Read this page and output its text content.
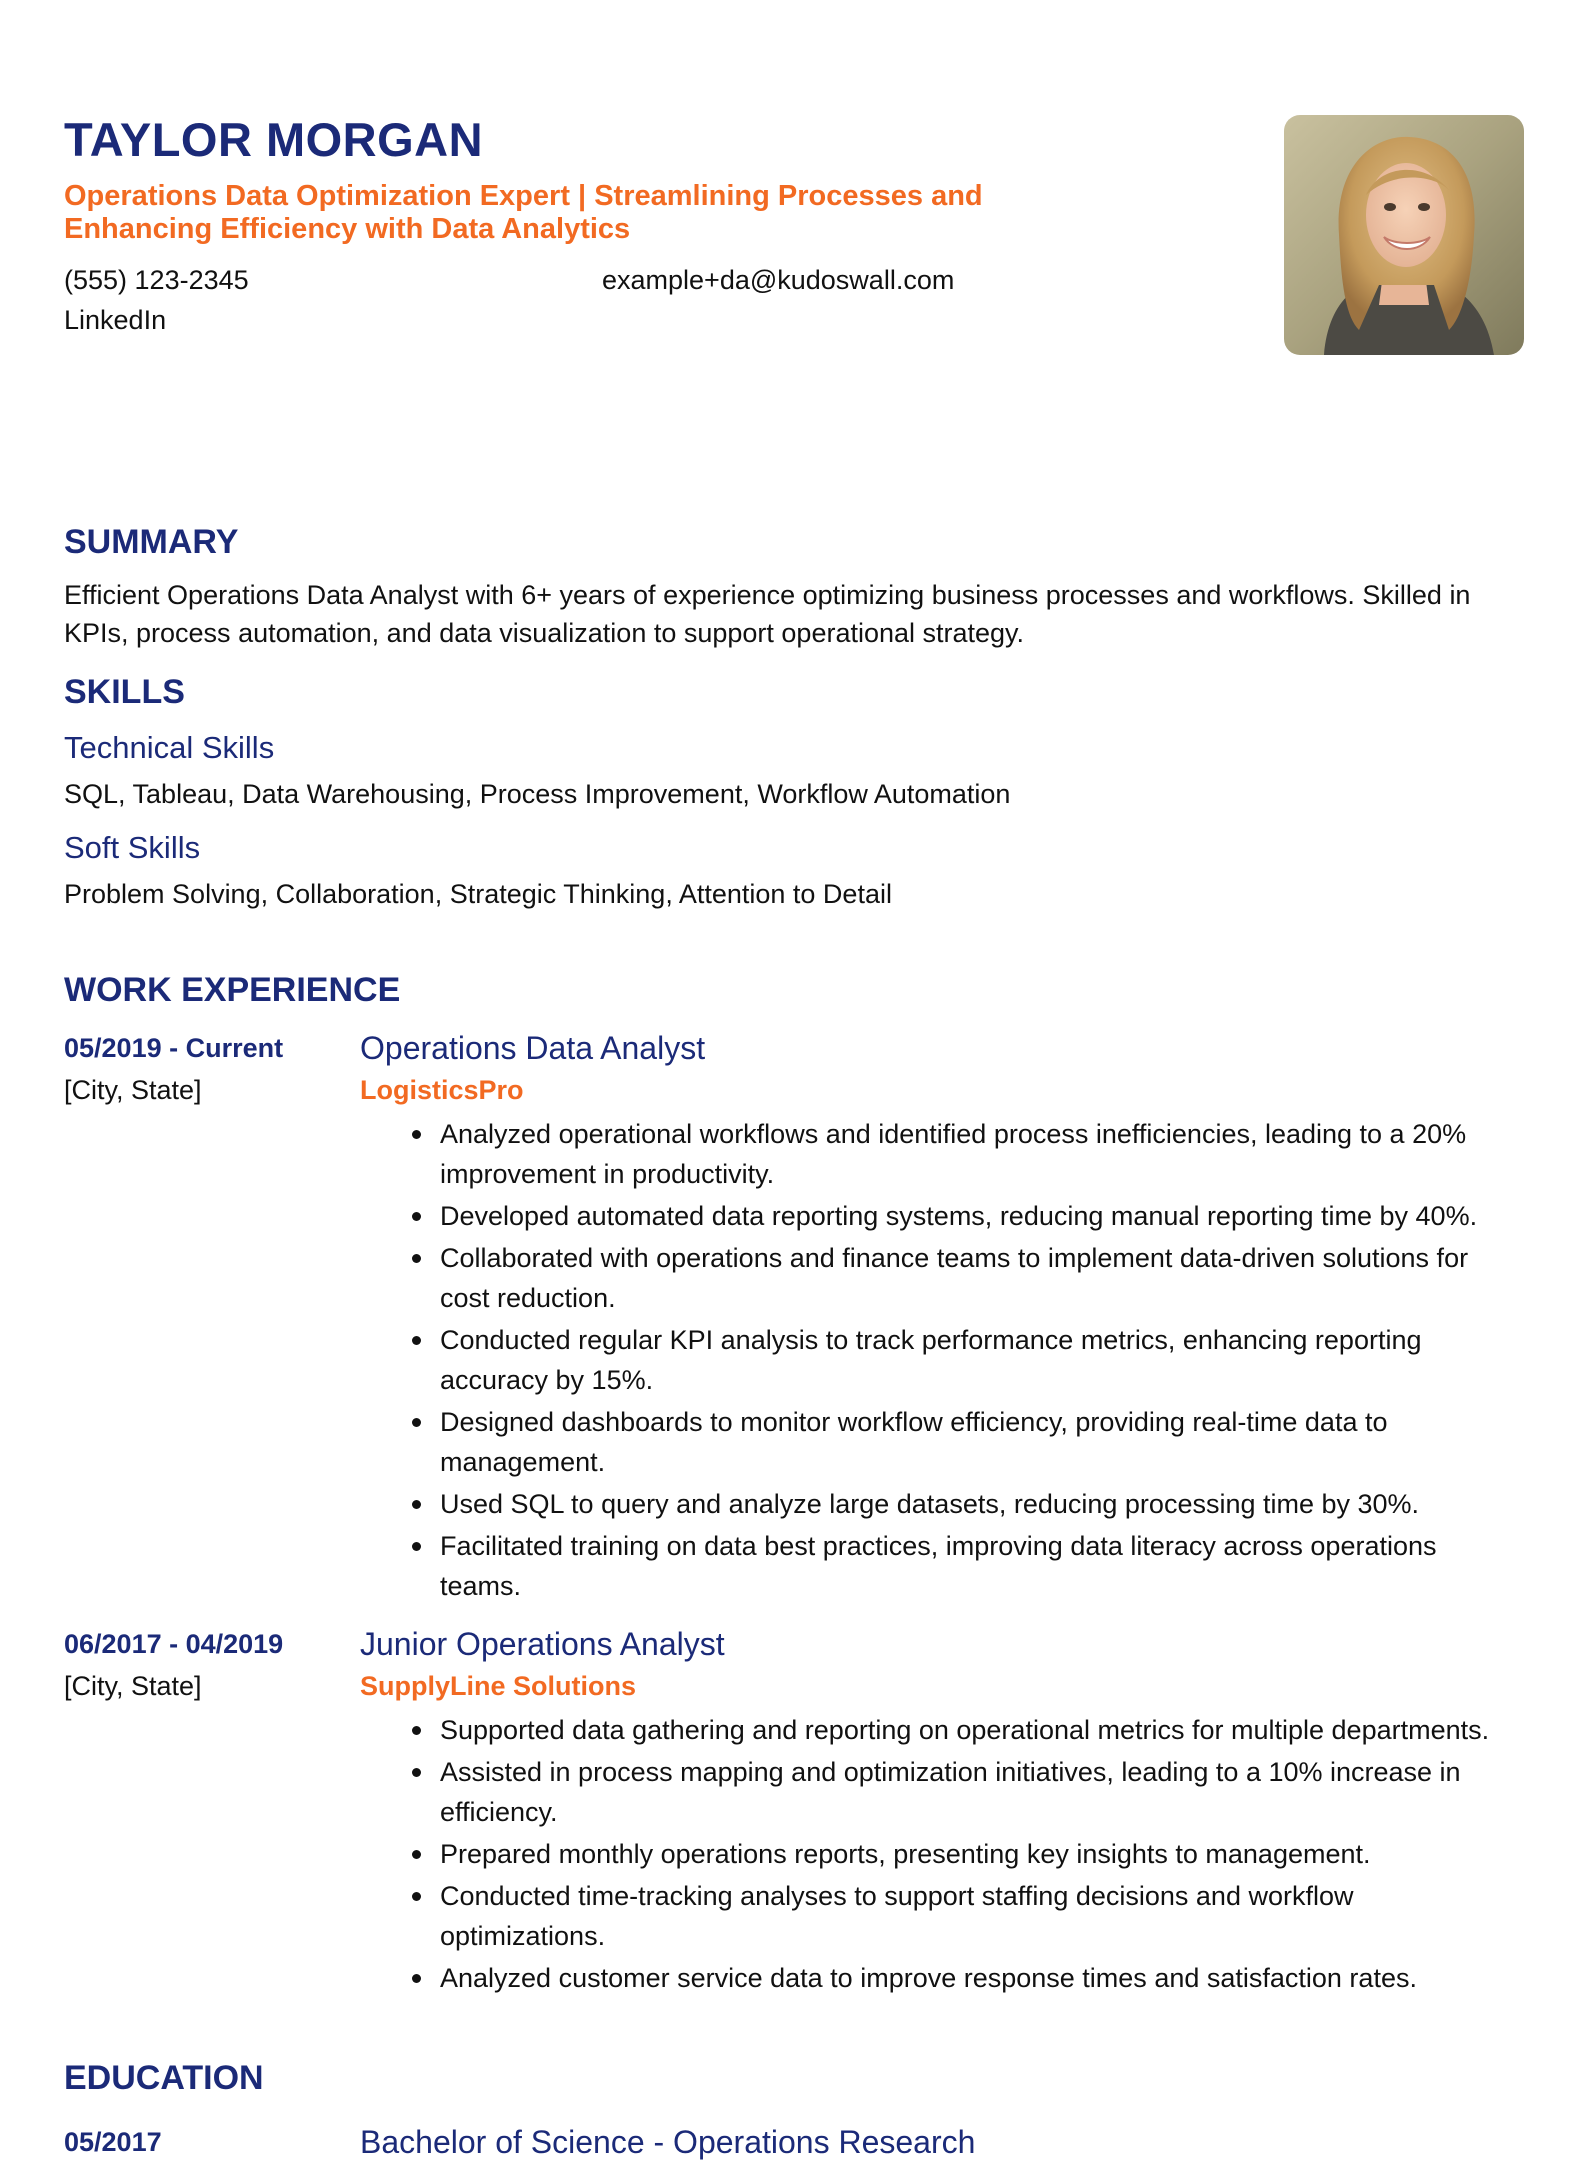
TAYLOR MORGAN
Operations Data Optimization Expert | Streamlining Processes and Enhancing Efficiency with Data Analytics
(555) 123-2345	example+da@kudoswall.com
LinkedIn
SUMMARY
Efficient Operations Data Analyst with 6+ years of experience optimizing business processes and workflows. Skilled in KPIs, process automation, and data visualization to support operational strategy.
SKILLS
Technical Skills
SQL, Tableau, Data Warehousing, Process Improvement, Workflow Automation
Soft Skills
Problem Solving, Collaboration, Strategic Thinking, Attention to Detail
WORK EXPERIENCE
05/2019 - Current
[City, State]
Operations Data Analyst
LogisticsPro
Analyzed operational workflows and identified process inefficiencies, leading to a 20% improvement in productivity.
Developed automated data reporting systems, reducing manual reporting time by 40%.
Collaborated with operations and finance teams to implement data-driven solutions for cost reduction.
Conducted regular KPI analysis to track performance metrics, enhancing reporting accuracy by 15%.
Designed dashboards to monitor workflow efficiency, providing real-time data to management.
Used SQL to query and analyze large datasets, reducing processing time by 30%.
Facilitated training on data best practices, improving data literacy across operations teams.
06/2017 - 04/2019
[City, State]
Junior Operations Analyst
SupplyLine Solutions
Supported data gathering and reporting on operational metrics for multiple departments.
Assisted in process mapping and optimization initiatives, leading to a 10% increase in efficiency.
Prepared monthly operations reports, presenting key insights to management.
Conducted time-tracking analyses to support staffing decisions and workflow optimizations.
Analyzed customer service data to improve response times and satisfaction rates.
EDUCATION
05/2017	Bachelor of Science - Operations Research
